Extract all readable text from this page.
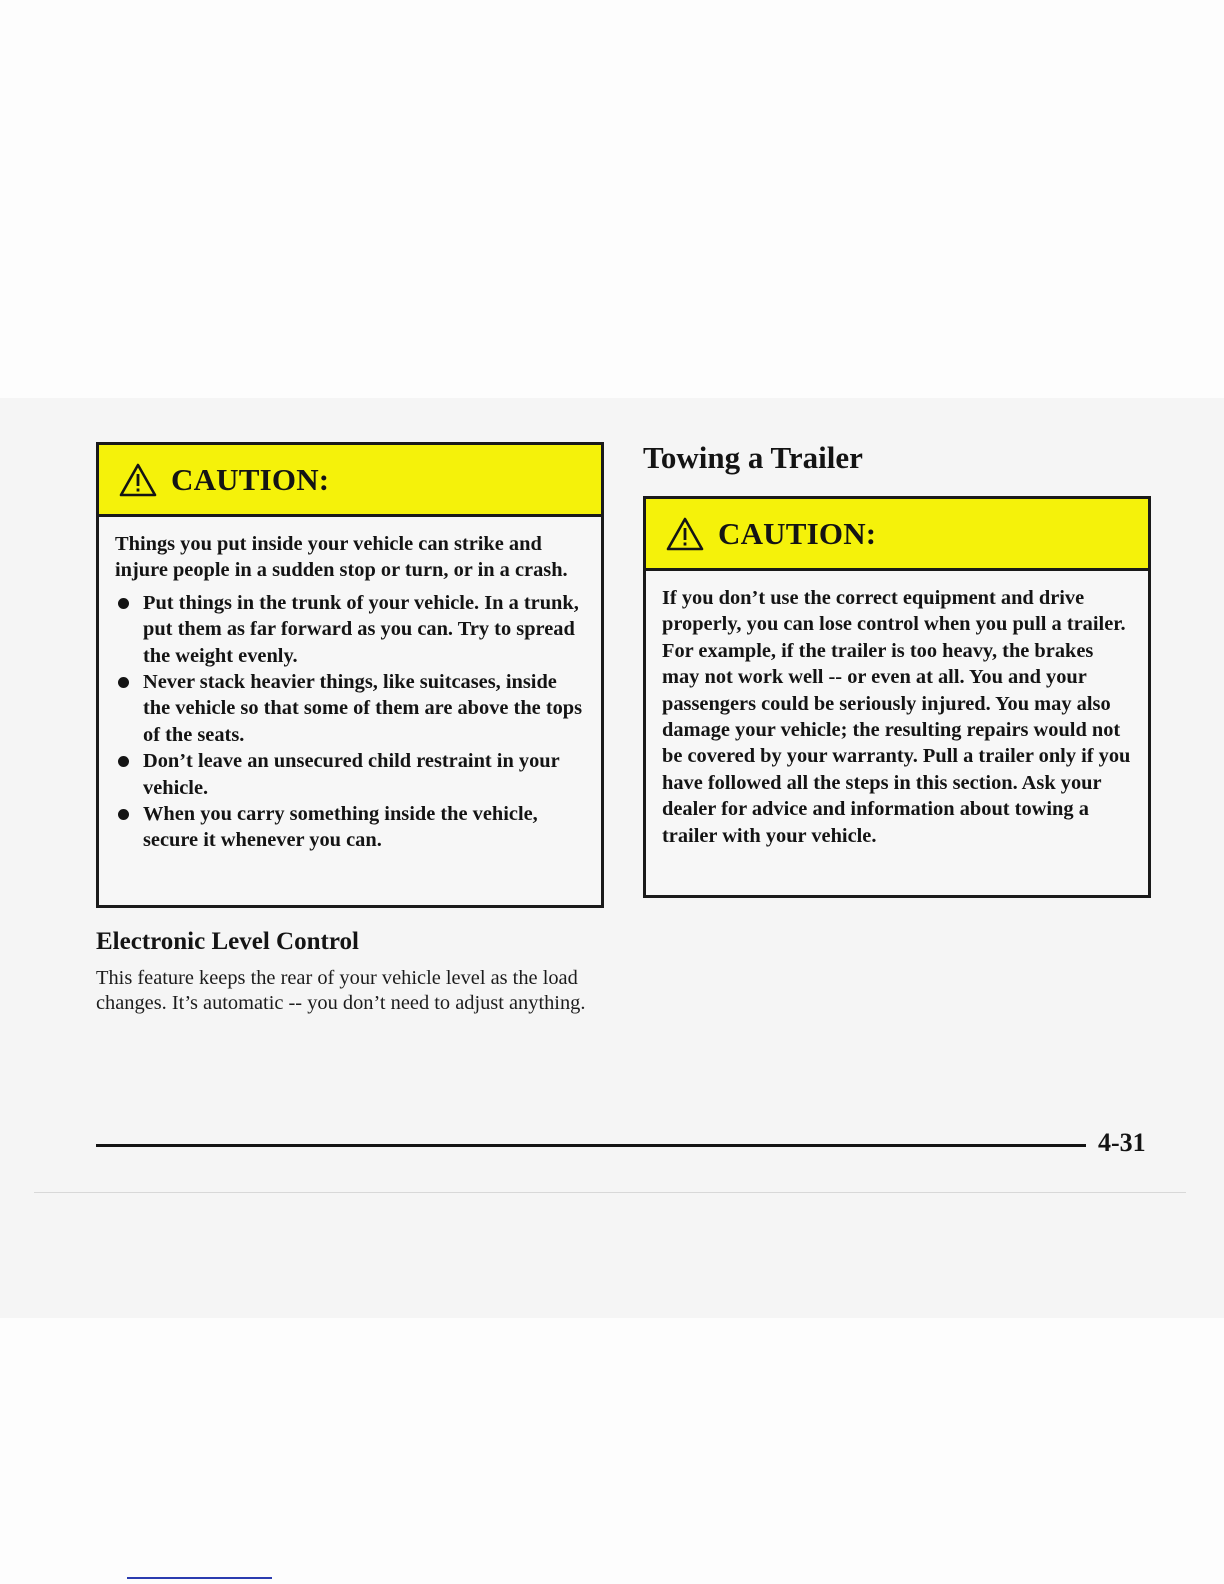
CAUTION:

Things you put inside your vehicle can strike and injure people in a sudden stop or turn, or in a crash.

Put things in the trunk of your vehicle. In a trunk, put them as far forward as you can. Try to spread the weight evenly.
Never stack heavier things, like suitcases, inside the vehicle so that some of them are above the tops of the seats.
Don’t leave an unsecured child restraint in your vehicle.
When you carry something inside the vehicle, secure it whenever you can.
Towing a Trailer
CAUTION:

If you don’t use the correct equipment and drive properly, you can lose control when you pull a trailer. For example, if the trailer is too heavy, the brakes may not work well -- or even at all. You and your passengers could be seriously injured. You may also damage your vehicle; the resulting repairs would not be covered by your warranty. Pull a trailer only if you have followed all the steps in this section. Ask your dealer for advice and information about towing a trailer with your vehicle.

Electronic Level Control

This feature keeps the rear of your vehicle level as the load changes. It’s automatic -- you don’t need to adjust anything.

4-31
